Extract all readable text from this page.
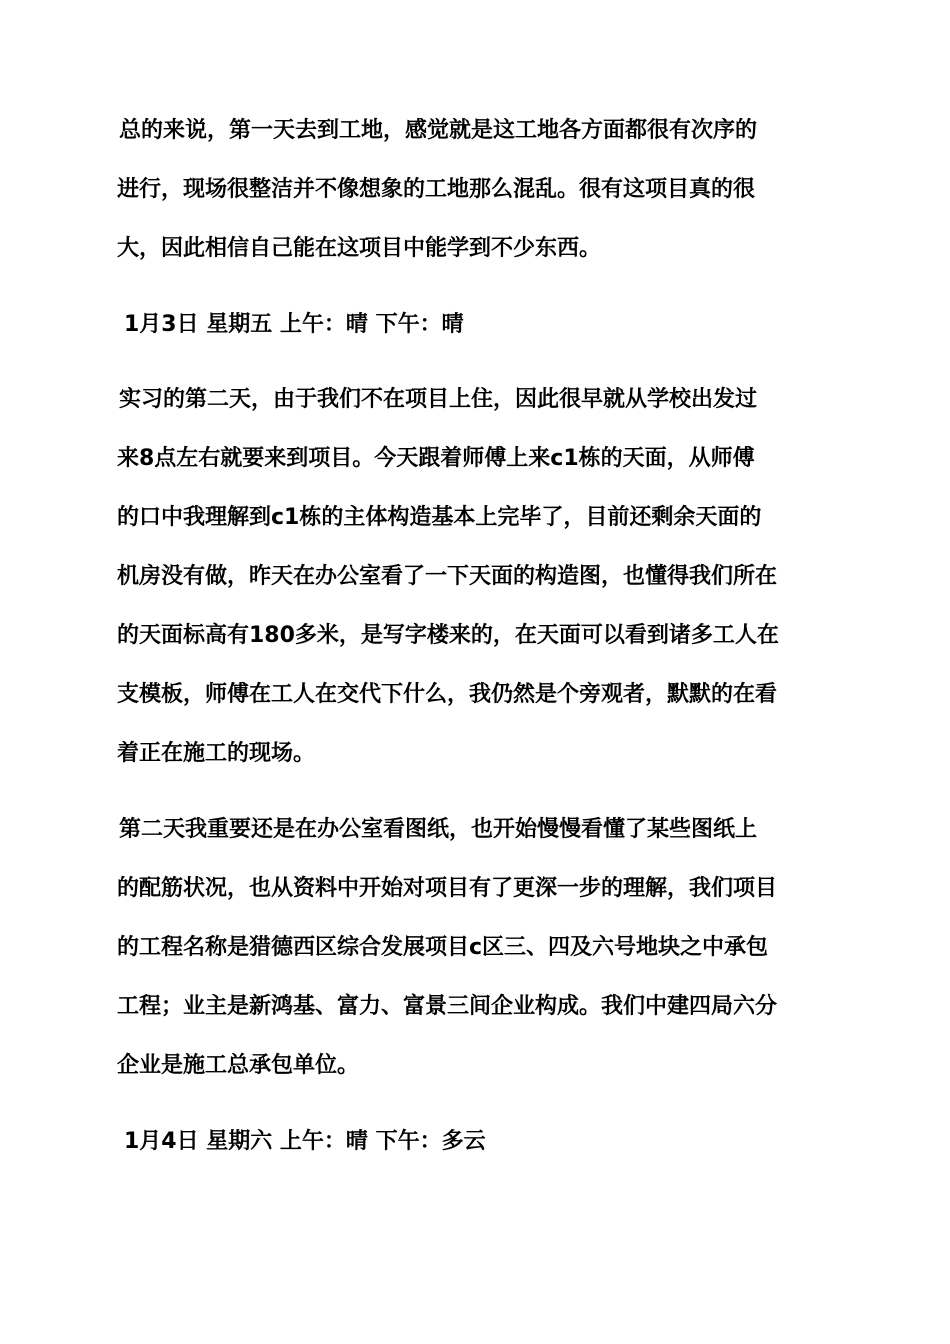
总的来说，第一天去到工地，感觉就是这工地各方面都很有次序的
进行，现场很整洁并不像想象的工地那么混乱。很有这项目真的很
大，因此相信自己能在这项目中能学到不少东西。
1月3日 星期五 上午：晴 下午：晴
实习的第二天，由于我们不在项目上住，因此很早就从学校出发过
来8点左右就要来到项目。今天跟着师傅上来c1栋的天面，从师傅
的口中我理解到c1栋的主体构造基本上完毕了，目前还剩余天面的
机房没有做，昨天在办公室看了一下天面的构造图，也懂得我们所在
的天面标高有180多米，是写字楼来的，在天面可以看到诸多工人在
支模板，师傅在工人在交代下什么，我仍然是个旁观者，默默的在看
着正在施工的现场。
第二天我重要还是在办公室看图纸，也开始慢慢看懂了某些图纸上
的配筋状况，也从资料中开始对项目有了更深一步的理解，我们项目
的工程名称是猎德西区综合发展项目c区三、四及六号地块之中承包
工程；业主是新鸿基、富力、富景三间企业构成。我们中建四局六分
企业是施工总承包单位。
1月4日 星期六 上午：晴 下午：多云
